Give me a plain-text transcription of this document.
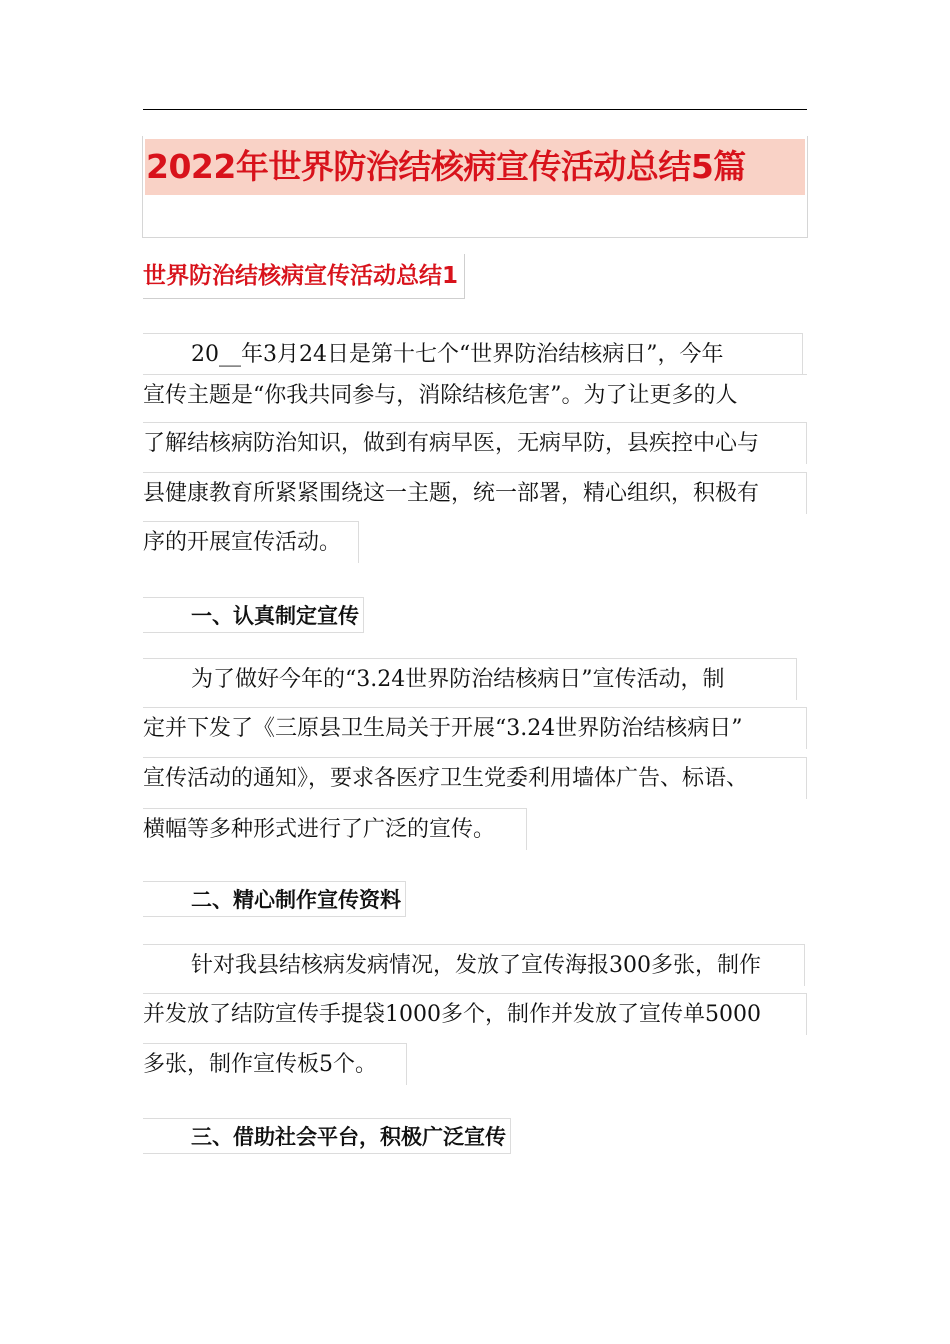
2022年世界防治结核病宣传活动总结5篇
世界防治结核病宣传活动总结1
20__年3月24日是第十七个“世界防治结核病日”，今年
宣传主题是“你我共同参与，消除结核危害”。为了让更多的人
了解结核病防治知识，做到有病早医，无病早防，县疾控中心与
县健康教育所紧紧围绕这一主题，统一部署，精心组织，积极有
序的开展宣传活动。
一、认真制定宣传
为了做好今年的“3.24世界防治结核病日”宣传活动，制
定并下发了《三原县卫生局关于开展“3.24世界防治结核病日”
宣传活动的通知》，要求各医疗卫生党委利用墙体广告、标语、
横幅等多种形式进行了广泛的宣传。
二、精心制作宣传资料
针对我县结核病发病情况，发放了宣传海报300多张，制作
并发放了结防宣传手提袋1000多个，制作并发放了宣传单5000
多张，制作宣传板5个。
三、借助社会平台，积极广泛宣传
